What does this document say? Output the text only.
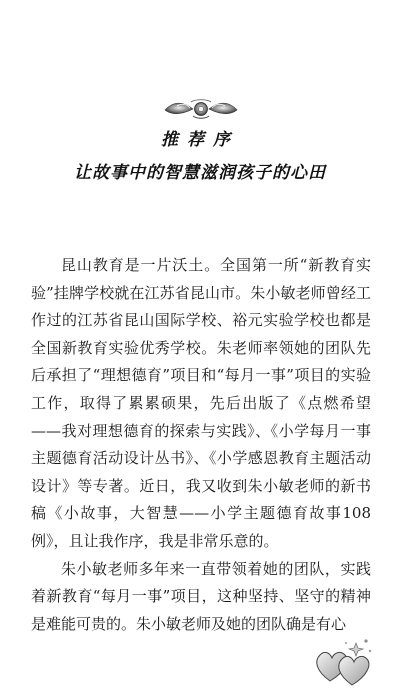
推荐序
让故事中的智慧滋润孩子的心田

昆山教育是一片沃土。全国第一所“新教育实验”挂牌学校就在江苏省昆山市。朱小敏老师曾经工作过的江苏省昆山国际学校、裕元实验学校也都是全国新教育实验优秀学校。朱老师率领她的团队先后承担了“理想德育”项目和“每月一事”项目的实验工作，取得了累累硕果，先后出版了《点燃希望——我对理想德育的探索与实践》、《小学每月一事主题德育活动设计丛书》、《小学感恩教育主题活动设计》等专著。近日，我又收到朱小敏老师的新书稿《小故事，大智慧——小学主题德育故事108例》，且让我作序，我是非常乐意的。

朱小敏老师多年来一直带领着她的团队，实践着新教育“每月一事”项目，这种坚持、坚守的精神是难能可贵的。朱小敏老师及她的团队确是有心
